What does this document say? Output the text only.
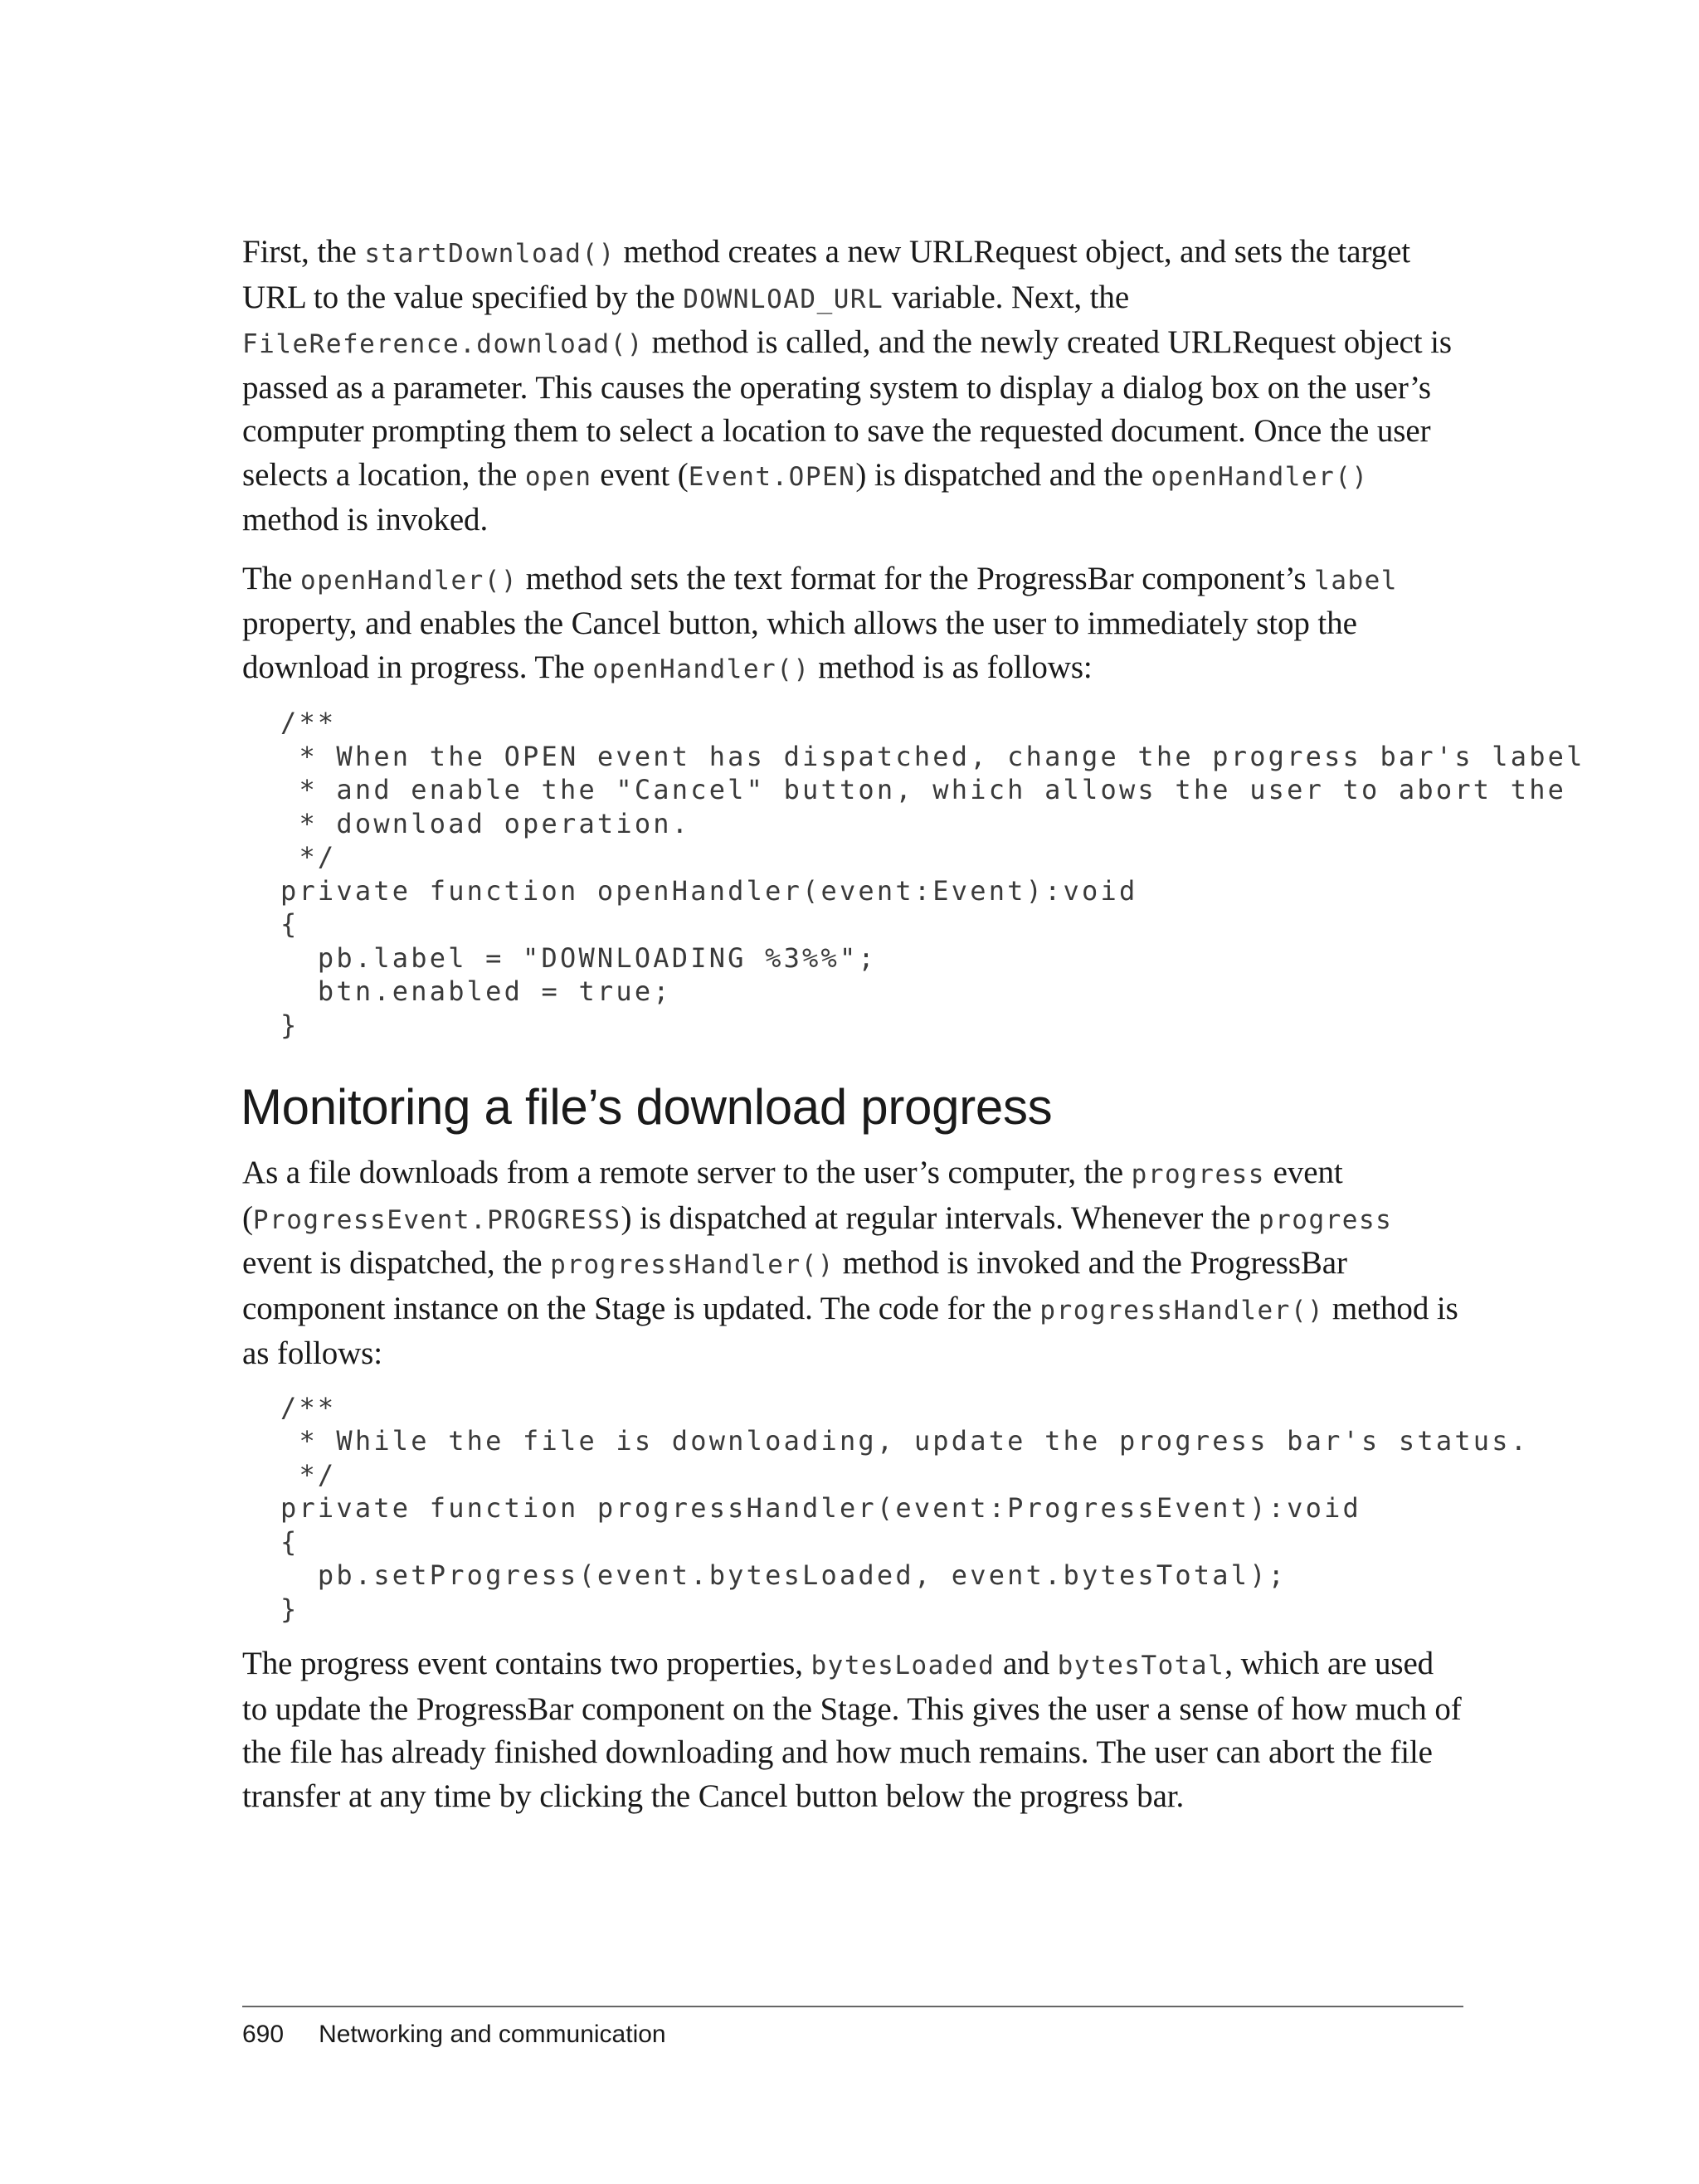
First, the startDownload() method creates a new URLRequest object, and sets the target URL to the value specified by the DOWNLOAD_URL variable. Next, the FileReference.download() method is called, and the newly created URLRequest object is passed as a parameter. This causes the operating system to display a dialog box on the user’s computer prompting them to select a location to save the requested document. Once the user selects a location, the open event (Event.OPEN) is dispatched and the openHandler() method is invoked.

The openHandler() method sets the text format for the ProgressBar component’s label property, and enables the Cancel button, which allows the user to immediately stop the download in progress. The openHandler() method is as follows:

/**
* When the OPEN event has dispatched, change the progress bar's label
* and enable the "Cancel" button, which allows the user to abort the
* download operation.
*/
private function openHandler(event:Event):void
{
pb.label = "DOWNLOADING %3%%";
btn.enabled = true;
}
Monitoring a file’s download progress

As a file downloads from a remote server to the user’s computer, the progress event (ProgressEvent.PROGRESS) is dispatched at regular intervals. Whenever the progress event is dispatched, the progressHandler() method is invoked and the ProgressBar component instance on the Stage is updated. The code for the progressHandler() method is as follows:

/**
* While the file is downloading, update the progress bar's status.
*/
private function progressHandler(event:ProgressEvent):void
{
pb.setProgress(event.bytesLoaded, event.bytesTotal);
}

The progress event contains two properties, bytesLoaded and bytesTotal, which are used to update the ProgressBar component on the Stage. This gives the user a sense of how much of the file has already finished downloading and how much remains. The user can abort the file transfer at any time by clicking the Cancel button below the progress bar.

690 Networking and communication
